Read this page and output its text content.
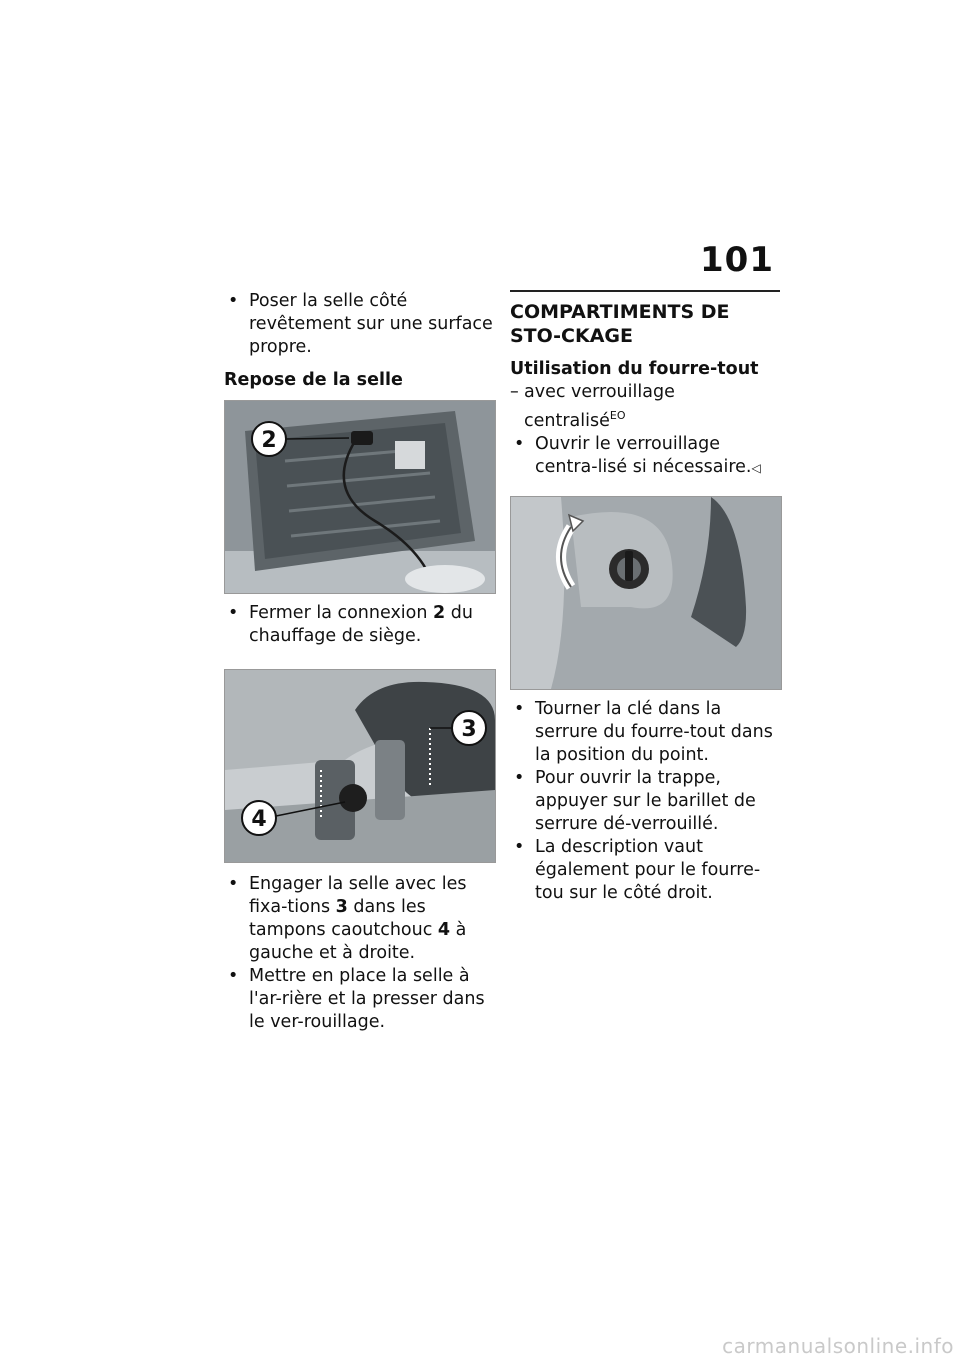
101
• Poser la selle côté revêtement sur une surface propre.
Repose de la selle
2
• Fermer la connexion 2 du chauffage de siège.
3
4
• Engager la selle avec les fixa-tions 3 dans les tampons caoutchouc 4 à gauche et à droite.
• Mettre en place la selle à l'ar-rière et la presser dans le ver-rouillage.
COMPARTIMENTS DE STO-CKAGE
Utilisation du fourre-tout
– avec verrouillage centralisé$^{EO}$
• Ouvrir le verrouillage centra-lisé si nécessaire.◁
• Tourner la clé dans la serrure du fourre-tout dans la position du point.
• Pour ouvrir la trappe, appuyer sur le barillet de serrure dé-verrouillé.
• La description vaut également pour le fourre-tou sur le côté droit.
carmanualsonline.info
